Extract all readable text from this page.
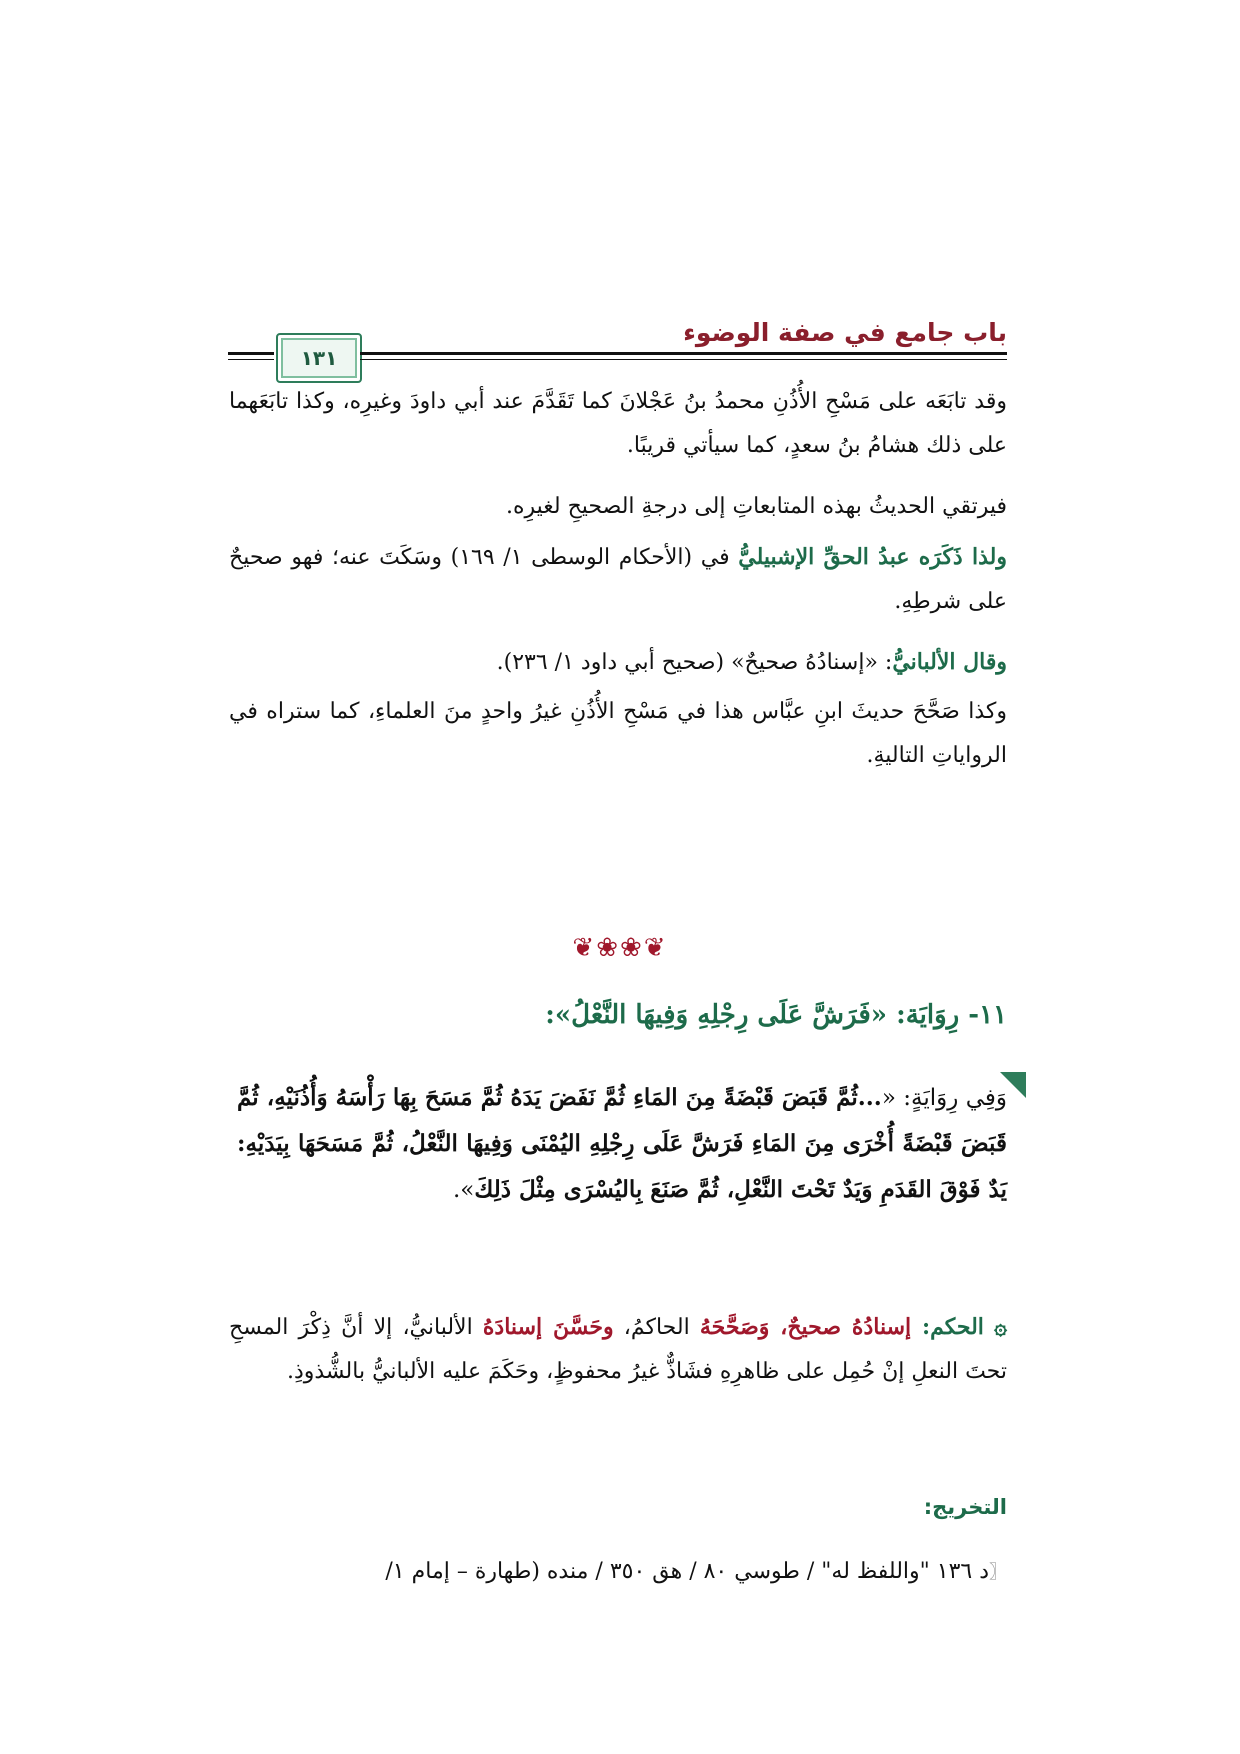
باب جامع في صفة الوضوء
١٣١
وقد تابَعَه على مَسْحِ الأُذُنِ محمدُ بنُ عَجْلانَ كما تَقَدَّمَ عند أبي داودَ وغيرِه، وكذا تابَعَهما على ذلك هشامُ بنُ سعدٍ، كما سيأتي قريبًا.
فيرتقي الحديثُ بهذه المتابعاتِ إلى درجةِ الصحيحِ لغيرِه.
ولذا ذَكَرَه عبدُ الحقِّ الإشبيليُّ في (الأحكام الوسطى ١/ ١٦٩) وسَكَتَ عنه؛ فهو صحيحٌ على شرطِهِ.
وقال الألبانيُّ: «إسنادُهُ صحيحٌ» (صحيح أبي داود ١/ ٢٣٦).
وكذا صَحَّحَ حديثَ ابنِ عبَّاس هذا في مَسْحِ الأُذُنِ غيرُ واحدٍ منَ العلماءِ، كما ستراه في الرواياتِ التاليةِ.
❦❀❀❦
١١- رِوَايَة: «فَرَشَّ عَلَى رِجْلِهِ وَفِيهَا النَّعْلُ»:
وَفِي رِوَايَةٍ: «...ثُمَّ قَبَضَ قَبْضَةً مِنَ المَاءِ ثُمَّ نَفَضَ يَدَهُ ثُمَّ مَسَحَ بِهَا رَأْسَهُ وَأُذُنَيْهِ، ثُمَّ قَبَضَ قَبْضَةً أُخْرَى مِنَ المَاءِ فَرَشَّ عَلَى رِجْلِهِ اليُمْنَى وَفِيهَا النَّعْلُ، ثُمَّ مَسَحَهَا بِيَدَيْهِ: يَدٌ فَوْقَ القَدَمِ وَيَدٌ تَحْتَ النَّعْلِ، ثُمَّ صَنَعَ بِاليُسْرَى مِثْلَ ذَلِكَ».
۞ الحكم: إسنادُهُ صحيحٌ، وَصَحَّحَهُ الحاكمُ، وحَسَّنَ إسنادَهُ الألبانيُّ، إلا أنَّ ذِكْرَ المسحِ تحتَ النعلِ إنْ حُمِل على ظاهرِهِ فشَاذٌّ غيرُ محفوظٍ، وحَكَمَ عليه الألبانيُّ بالشُّذوذِ.
التخريج:
〖د ١٣٦ "واللفظ له" / طوسي ٨٠ / هق ٣٥٠ / منده (طهارة – إمام ١/
